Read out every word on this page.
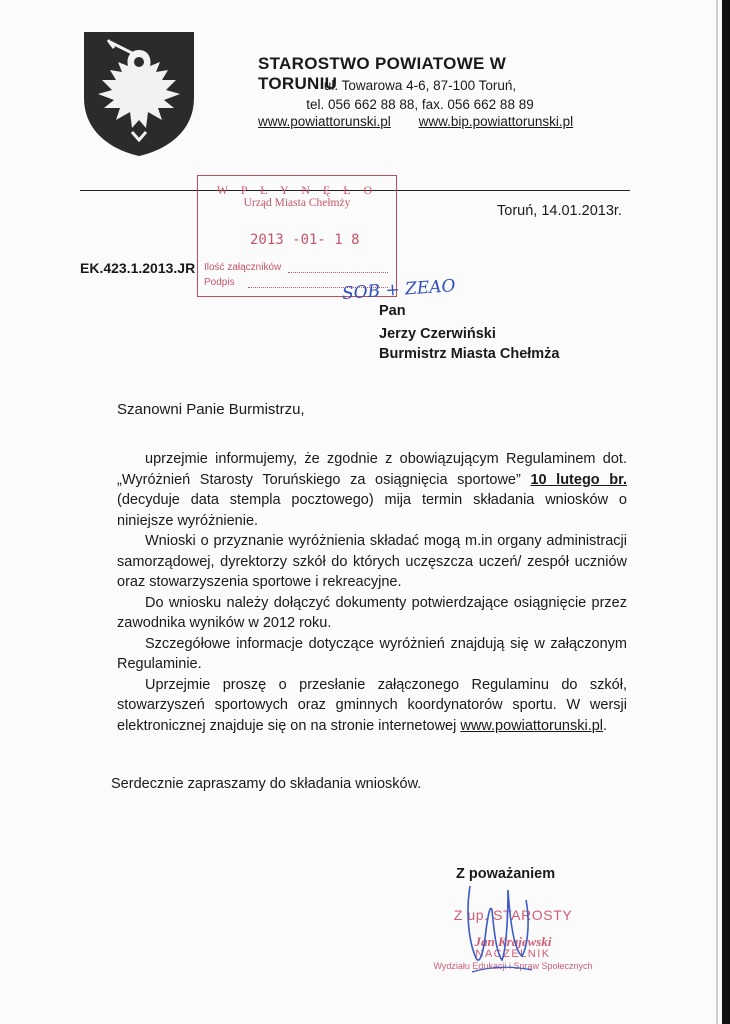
STAROSTWO POWIATOWE W TORUNIU
ul. Towarowa 4-6, 87-100 Toruń,
tel. 056 662 88 88, fax. 056 662 88 89
www.powiattorunski.pl www.bip.powiattorunski.pl
W P Ł Y N Ę Ł O
Urząd Miasta Chełmży
2013 -01- 1 8
Ilość załączników
Podpis
Toruń, 14.01.2013r.
EK.423.1.2013.JR
SOB + ZEAO
Pan
Jerzy Czerwiński
Burmistrz Miasta Chełmża
Szanowni Panie Burmistrzu,

uprzejmie informujemy, że zgodnie z obowiązującym Regulaminem dot. „Wyróżnień Starosty Toruńskiego za osiągnięcia sportowe” 10 lutego br. (decyduje data stempla pocztowego) mija termin składania wniosków o niniejsze wyróżnienie.

Wnioski o przyznanie wyróżnienia składać mogą m.in organy administracji samorządowej, dyrektorzy szkół do których uczęszcza uczeń/ zespół uczniów oraz stowarzyszenia sportowe i rekreacyjne.

Do wniosku należy dołączyć dokumenty potwierdzające osiągnięcie przez zawodnika wyników w 2012 roku.

Szczegółowe informacje dotyczące wyróżnień znajdują się w załączonym Regulaminie.

Uprzejmie proszę o przesłanie załączonego Regulaminu do szkół, stowarzyszeń sportowych oraz gminnych koordynatorów sportu. W wersji elektronicznej znajduje się on na stronie internetowej www.powiattorunski.pl.

Serdecznie zapraszamy do składania wniosków.
Z poważaniem
Z up. STAROSTY
Jan Krajewski
NACZELNIK
Wydziału Edukacji i Spraw Społecznych
